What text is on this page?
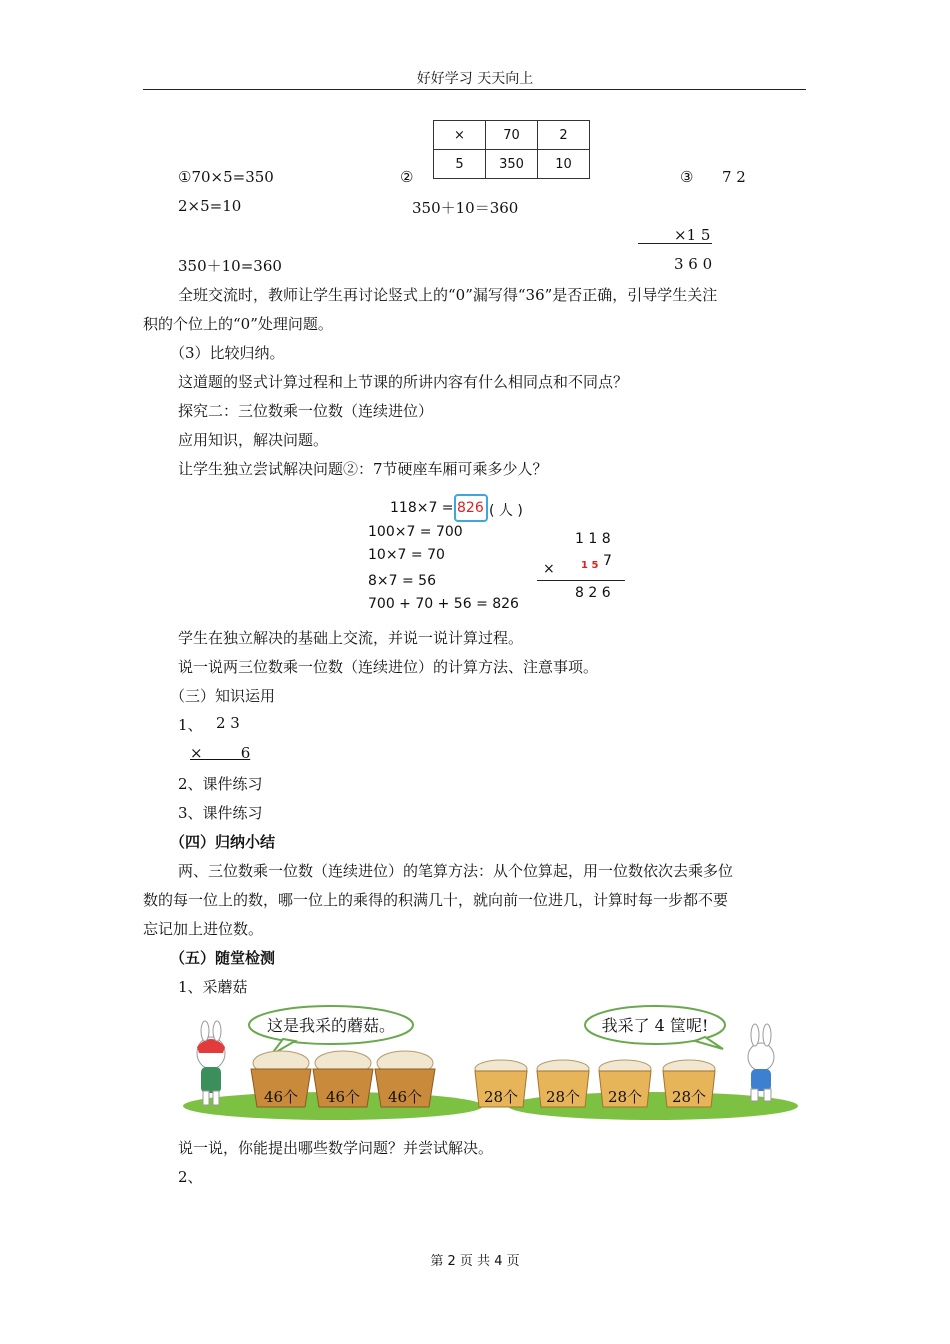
好好学习 天天向上
①70×5=350
2×5=10
350＋10=360
②
×	70	2
5	350	10
350＋10＝360
③ 7 2
×1 5
3 6 0
全班交流时，教师让学生再讨论竖式上的“0”漏写得“36”是否正确，引导学生关注
积的个位上的“0”处理问题。
（3）比较归纳。
这道题的竖式计算过程和上节课的所讲内容有什么相同点和不同点？
探究二：三位数乘一位数（连续进位）
应用知识，解决问题。
让学生独立尝试解决问题②：7节硬座车厢可乘多少人？
118×7 = 826 ( 人 )
100×7 = 700
10×7 = 70
8×7 = 56
700 + 70 + 56 = 826
1 1 8
×	1 5 7
8 2 6
学生在独立解决的基础上交流，并说一说计算过程。
说一说两三位数乘一位数（连续进位）的计算方法、注意事项。
（三）知识运用
1、 2 3
×        6
2、课件练习
3、课件练习
（四）归纳小结
两、三位数乘一位数（连续进位）的笔算方法：从个位算起，用一位数依次去乘多位
数的每一位上的数，哪一位上的乘得的积满几十，就向前一位进几，计算时每一步都不要
忘记加上进位数。
（五）随堂检测
1、采蘑菇
这是我采的蘑菇。
46个 46个 46个
我采了 4 筐呢!
28个 28个 28个 28个
说一说，你能提出哪些数学问题？并尝试解决。
2、
第 2 页 共 4 页
